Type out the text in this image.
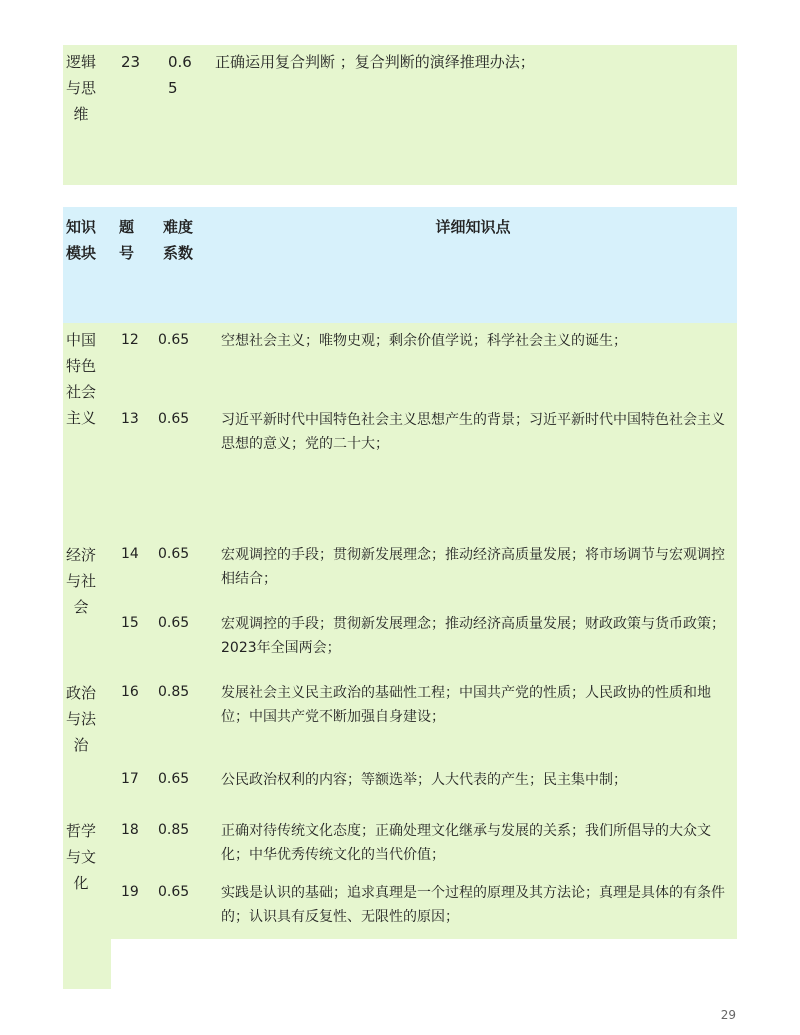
逻辑与思维
23 0.65
正确运用复合判断 ；复合判断的演绎推理办法；
知识模块
题号
难度系数
详细知识点
中国特色社会主义
经济与社会
政治与法治
哲学与文化
12 0.65 空想社会主义；唯物史观；剩余价值学说；科学社会主义的诞生；
13 0.65 习近平新时代中国特色社会主义思想产生的背景；习近平新时代中国特色社会主义思想的意义；党的二十大；
14 0.65 宏观调控的手段；贯彻新发展理念；推动经济高质量发展；将市场调节与宏观调控相结合；
15 0.65 宏观调控的手段；贯彻新发展理念；推动经济高质量发展；财政政策与货币政策；2023年全国两会；
16 0.85 发展社会主义民主政治的基础性工程；中国共产党的性质；人民政协的性质和地位；中国共产党不断加强自身建设；
17 0.65 公民政治权利的内容；等额选举；人大代表的产生；民主集中制；
18 0.85 正确对待传统文化态度；正确处理文化继承与发展的关系；我们所倡导的大众文化；中华优秀传统文化的当代价值；
19 0.65 实践是认识的基础；追求真理是一个过程的原理及其方法论；真理是具体的有条件的；认识具有反复性、无限性的原因；
29
